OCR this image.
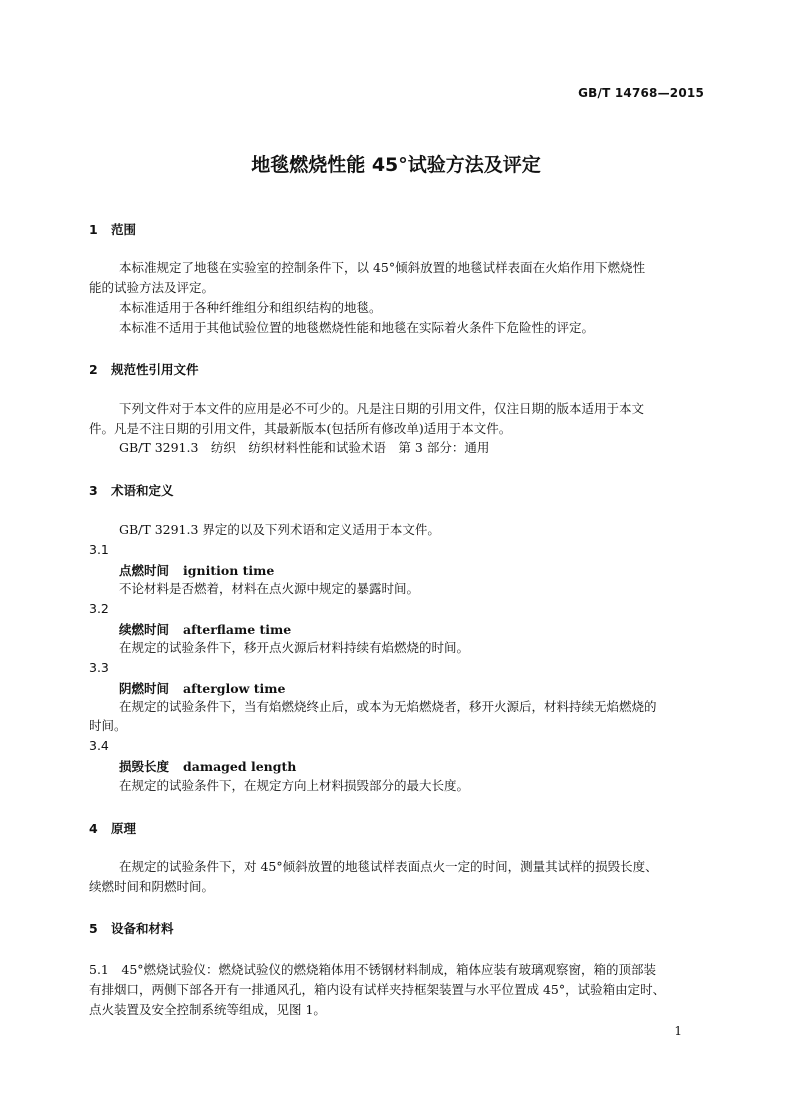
GB/T 14768—2015
地毯燃烧性能 45°试验方法及评定
1 范围
本标准规定了地毯在实验室的控制条件下，以 45°倾斜放置的地毯试样表面在火焰作用下燃烧性
能的试验方法及评定。
本标准适用于各种纤维组分和组织结构的地毯。
本标准不适用于其他试验位置的地毯燃烧性能和地毯在实际着火条件下危险性的评定。
2 规范性引用文件
下列文件对于本文件的应用是必不可少的。凡是注日期的引用文件，仅注日期的版本适用于本文
件。凡是不注日期的引用文件，其最新版本(包括所有修改单)适用于本文件。
GB/T 3291.3　纺织　纺织材料性能和试验术语　第 3 部分：通用
3 术语和定义
GB/T 3291.3 界定的以及下列术语和定义适用于本文件。
3.1
点燃时间 ignition time
不论材料是否燃着，材料在点火源中规定的暴露时间。
3.2
续燃时间 afterflame time
在规定的试验条件下，移开点火源后材料持续有焰燃烧的时间。
3.3
阴燃时间 afterglow time
在规定的试验条件下，当有焰燃烧终止后，或本为无焰燃烧者，移开火源后，材料持续无焰燃烧的
时间。
3.4
损毁长度 damaged length
在规定的试验条件下，在规定方向上材料损毁部分的最大长度。
4 原理
在规定的试验条件下，对 45°倾斜放置的地毯试样表面点火一定的时间，测量其试样的损毁长度、
续燃时间和阴燃时间。
5 设备和材料
5.1　45°燃烧试验仪：燃烧试验仪的燃烧箱体用不锈钢材料制成，箱体应装有玻璃观察窗，箱的顶部装
有排烟口，两侧下部各开有一排通风孔，箱内设有试样夹持框架装置与水平位置成 45°，试验箱由定时、
点火装置及安全控制系统等组成，见图 1。
1
